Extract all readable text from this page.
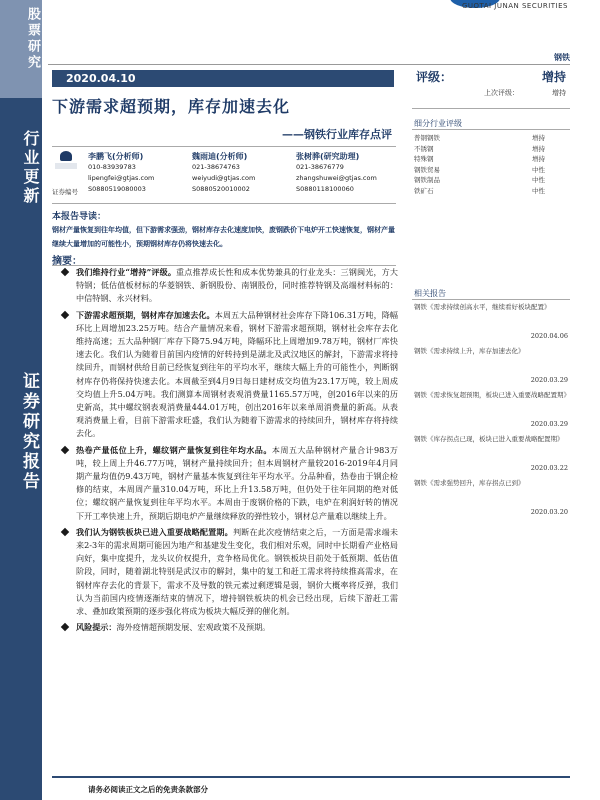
股票研究
行业更新
证券研究报告
GUOTAI JUNAN SECURITIES
钢铁
2020.04.10
下游需求超预期，库存加速去化
——钢铁行业库存点评
证券编号
李鹏飞(分析师)
010-83939783
lipengfei@gtjas.com
S0880519080003
魏雨迪(分析师)
021-38674763
weiyudi@gtjas.com
S0880520010002
张树骅(研究助理)
021-38676779
zhangshuwei@gtjas.com
S0880118100060
本报告导读：
钢材产量恢复到往年均值，但下游需求强劲，钢材库存去化速度加快，废钢跌价下电炉开工快速恢复，钢材产量继续大量增加的可能性小，预期钢材库存仍将快速去化。
摘要：
我们维持行业“增持”评级。重点推荐成长性和成本优势兼具的行业龙头：三钢闽光，方大特钢；低估值板材标的华菱钢铁、新钢股份、南钢股份，同时推荐特钢及高端材料标的：中信特钢、永兴材料。
下游需求超预期，钢材库存加速去化。本周五大品种钢材社会库存下降106.31万吨，降幅环比上周增加23.25万吨。结合产量情况来看，钢材下游需求超预期，钢材社会库存去化维持高速；五大品种钢厂库存下降75.94万吨，降幅环比上周增加9.78万吨，钢材厂库快速去化。我们认为随着目前国内疫情的好转持到是湖北及武汉地区的解封，下游需求将持续回升，而钢材供给目前已经恢复到往年的平均水平，继续大幅上升的可能性小，判断钢材库存仍将保持快速去化。本周截至到4月9日每日建材成交均值为23.17万吨，较上周成交均值上升5.04万吨。我们测算本周钢材表观消费量1165.57万吨，创2016年以来的历史新高，其中螺纹钢表观消费量444.01万吨，创出2016年以来单周消费量的新高。从表观消费量上看，目前下游需求旺盛，我们认为随着下游需求的持续回升，钢材库存将持续去化。
热卷产量低位上升，螺纹钢产量恢复到往年均水品。本周五大品种钢材产量合计983万吨，较上周上升46.77万吨，钢材产量持续回升；但本周钢材产量较2016-2019年4月同期产量均值仍9.43万吨，钢材产量基本恢复到往年平均水平。分品种看，热卷由于钢企检修的结束，本周周产量310.04万吨，环比上升13.58万吨，但仍处于往年同期的绝对低位；螺纹钢产量恢复到往年平均水平。本周由于废钢价格的下跌，电炉在利润好转的情况下开工率快速上升，预期后期电炉产量继续释放的弹性较小，钢材总产量难以继续上升。
我们认为钢铁板块已进入重要战略配置期。判断在此次疫情结束之后，一方面是需求端未来2-3年的需求周期可能因为地产和基建发生变化，我们相对乐观，同时中长期看产业格局向好，集中度提升，龙头议价权提升，竞争格局优化。钢铁板块目前处于低预期、低估值阶段，同时，随着湖北特别是武汉市的解封，集中的复工和赶工需求将持续推高需求，在钢材库存去化的背景下，需求不及导数的铁元素过剩逻辑是弱，钢价大概率将反弹，我们认为当前国内疫情逐渐结束的情况下，增持钢铁板块的机会已经出现，后续下游赶工需求、叠加政策预期的逐步强化将成为板块大幅反弹的催化剂。
风险提示：海外疫情超预期发展、宏观政策不及预期。
评级：	增持
上次评级：	增持
细分行业评级
普钢钢铁	增持
不锈钢	增持
特殊钢	增持
钢铁贸易	中性
钢铁制品	中性
铁矿石	中性
相关报告
钢铁《需求持续创高水平，继续看好板块配置》
2020.04.06
钢铁《需求持续上升，库存加速去化》
2020.03.29
钢铁《需求恢复超预期，板块已进入重要战略配置期》
2020.03.29
钢铁《库存拐点已现，板块已进入重要战略配置期》
2020.03.22
钢铁《需求强势回升，库存拐点已到》
2020.03.20
请务必阅读正文之后的免责条款部分
